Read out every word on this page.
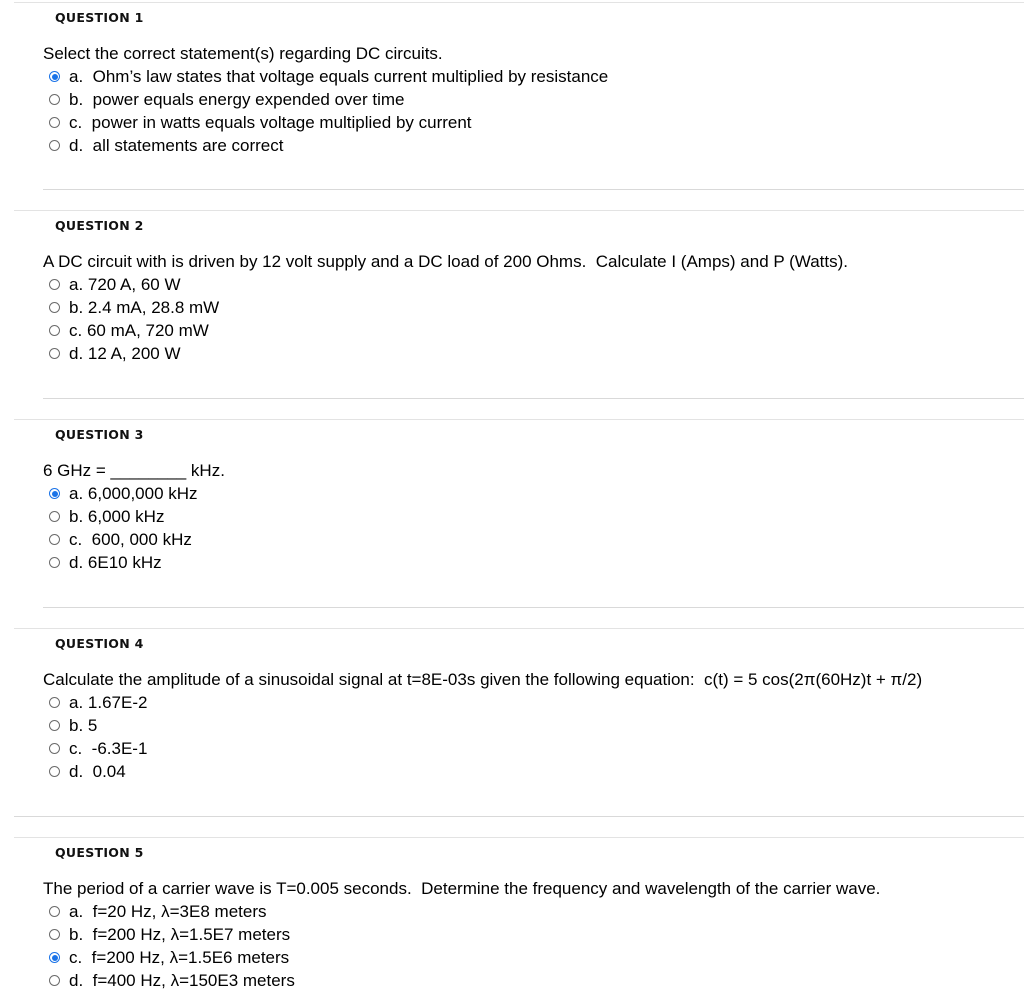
QUESTION 1
Select the correct statement(s) regarding DC circuits.
a.  Ohm’s law states that voltage equals current multiplied by resistance
b.  power equals energy expended over time
c.  power in watts equals voltage multiplied by current
d.  all statements are correct
QUESTION 2
A DC circuit with is driven by 12 volt supply and a DC load of 200 Ohms.  Calculate I (Amps) and P (Watts).
a. 720 A, 60 W
b. 2.4 mA, 28.8 mW
c. 60 mA, 720 mW
d. 12 A, 200 W
QUESTION 3
6 GHz = ________ kHz.
a. 6,000,000 kHz
b. 6,000 kHz
c.  600, 000 kHz
d. 6E10 kHz
QUESTION 4
Calculate the amplitude of a sinusoidal signal at t=8E-03s given the following equation:  c(t) = 5 cos(2π(60Hz)t + π/2)
a. 1.67E-2
b. 5
c.  -6.3E-1
d.  0.04
QUESTION 5
The period of a carrier wave is T=0.005 seconds.  Determine the frequency and wavelength of the carrier wave.
a.  f=20 Hz, λ=3E8 meters
b.  f=200 Hz, λ=1.5E7 meters
c.  f=200 Hz, λ=1.5E6 meters
d.  f=400 Hz, λ=150E3 meters
